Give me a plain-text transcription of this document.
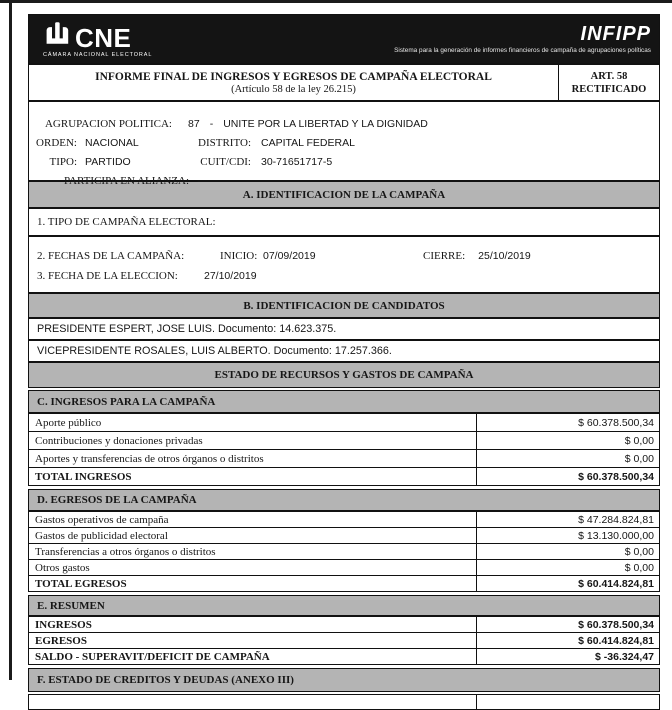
CNE
CÁMARA NACIONAL ELECTORAL
INFIPP
Sistema para la generación de informes financieros de campaña de agrupaciones políticas
INFORME FINAL DE INGRESOS Y EGRESOS DE CAMPAÑA ELECTORAL
(Artículo 58 de la ley 26.215)
ART. 58
RECTIFICADO
AGRUPACION POLITICA: 87 - UNITE POR LA LIBERTAD Y LA DIGNIDAD
ORDEN: NACIONAL	DISTRITO: CAPITAL FEDERAL
TIPO: PARTIDO	CUIT/CDI: 30-71651717-5
PARTICIPA EN ALIANZA: -
A. IDENTIFICACION DE LA CAMPAÑA
1. TIPO DE CAMPAÑA ELECTORAL:
2. FECHAS DE LA CAMPAÑA:	INICIO: 07/09/2019	CIERRE: 25/10/2019
3. FECHA DE LA ELECCION:	27/10/2019
B. IDENTIFICACION DE CANDIDATOS
PRESIDENTE ESPERT, JOSE LUIS. Documento: 14.623.375.
VICEPRESIDENTE ROSALES, LUIS ALBERTO. Documento: 17.257.366.
ESTADO DE RECURSOS Y GASTOS DE CAMPAÑA
C. INGRESOS PARA LA CAMPAÑA
Aporte público	$ 60.378.500,34
Contribuciones y donaciones privadas	$ 0,00
Aportes y transferencias de otros órganos o distritos	$ 0,00
TOTAL INGRESOS	$ 60.378.500,34
D. EGRESOS DE LA CAMPAÑA
Gastos operativos de campaña	$ 47.284.824,81
Gastos de publicidad electoral	$ 13.130.000,00
Transferencias a otros órganos o distritos	$ 0,00
Otros gastos	$ 0,00
TOTAL EGRESOS	$ 60.414.824,81
E. RESUMEN
INGRESOS	$ 60.378.500,34
EGRESOS	$ 60.414.824,81
SALDO - SUPERAVIT/DEFICIT DE CAMPAÑA	$ -36.324,47
F. ESTADO DE CREDITOS Y DEUDAS (ANEXO III)
